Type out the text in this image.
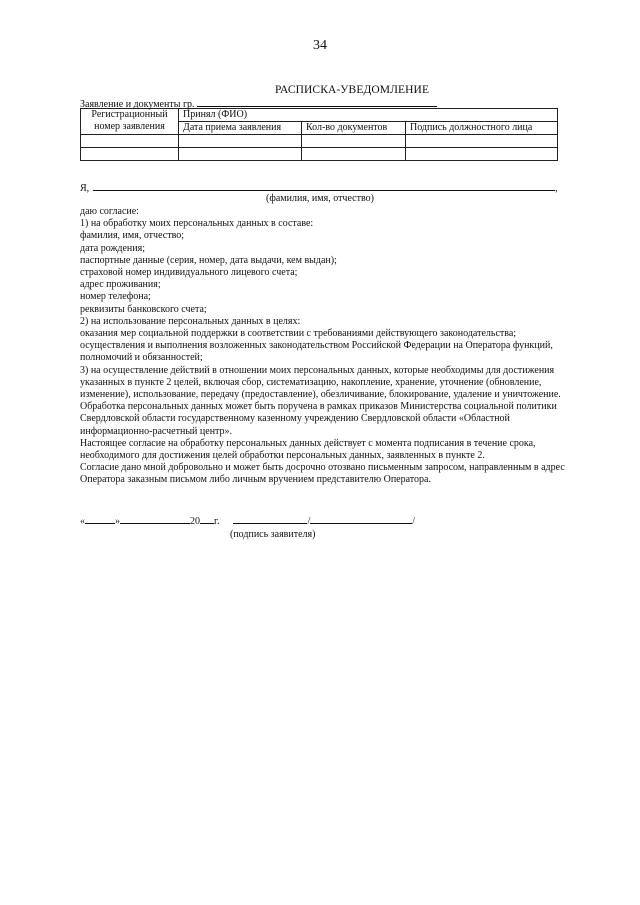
34
РАСПИСКА-УВЕДОМЛЕНИЕ
Заявление и документы гр.
Регистрационный номер заявления	Принял (ФИО)		
	Дата приема заявления	Кол-во документов	Подпись должностного лица

Я,	,
(фамилия, имя, отчество)
даю согласие:
1) на обработку моих персональных данных в составе:
фамилия, имя, отчество;
дата рождения;
паспортные данные (серия, номер, дата выдачи, кем выдан);
страховой номер индивидуального лицевого счета;
адрес проживания;
номер телефона;
реквизиты банковского счета;
2) на использование персональных данных в целях:
оказания мер социальной поддержки в соответствии с требованиями действующего законодательства;
осуществления и выполнения возложенных законодательством Российской Федерации на Оператора функций,
полномочий и обязанностей;
3) на осуществление действий в отношении моих персональных данных, которые необходимы для достижения
указанных в пункте 2 целей, включая сбор, систематизацию, накопление, хранение, уточнение (обновление,
изменение), использование, передачу (предоставление), обезличивание, блокирование, удаление и уничтожение.
Обработка персональных данных может быть поручена в рамках приказов Министерства социальной политики
Свердловской области государственному казенному учреждению Свердловской области «Областной
информационно-расчетный центр».
Настоящее согласие на обработку персональных данных действует с момента подписания в течение срока,
необходимого для достижения целей обработки персональных данных, заявленных в пункте 2.
Согласие дано мной добровольно и может быть досрочно отозвано письменным запросом, направленным в адрес
Оператора заказным письмом либо личным вручением представителю Оператора.
«	»	20 г.	/	/
(подпись заявителя)
